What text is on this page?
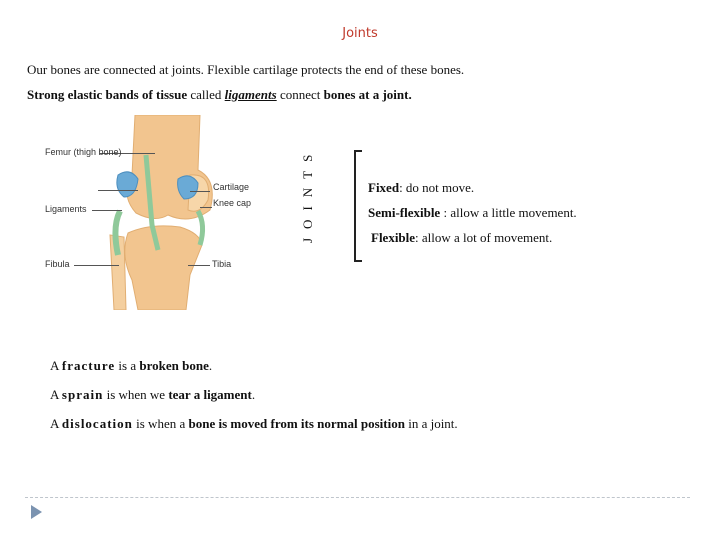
Joints
Our bones are connected at joints. Flexible cartilage protects the end of these bones.
Strong elastic bands of tissue called ligaments connect bones at a joint.
Femur (thigh bone)
Cartilage
Knee cap
Ligaments
Fibula	Tibia
JOINTS	Fixed: do not move.
Semi-flexible : allow a little movement.
Flexible: allow a lot of movement.
A fracture is a broken bone.
A sprain is when we tear a ligament.
A dislocation is when a bone is moved from its normal position in a joint.
